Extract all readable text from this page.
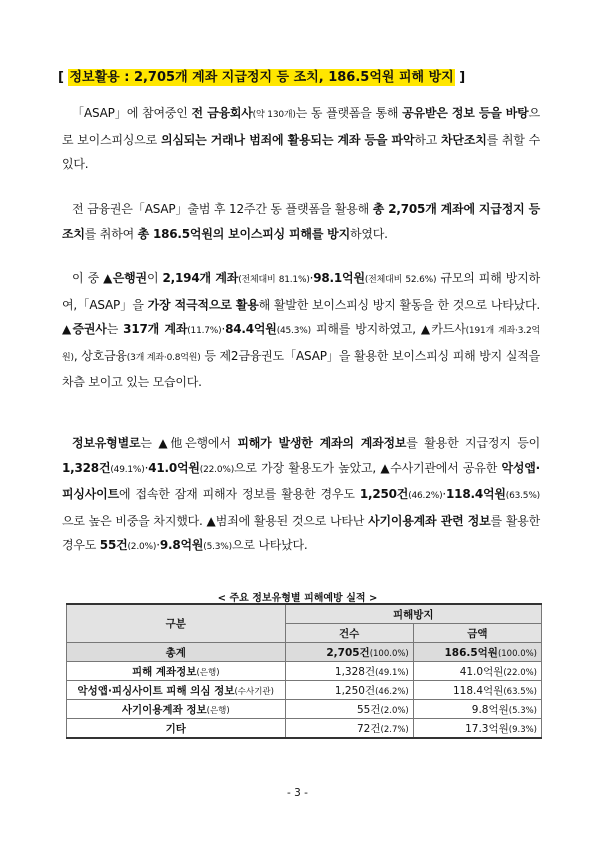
[ 정보활용 : 2,705개 계좌 지급정지 등 조치, 186.5억원 피해 방지 ]

「ASAP」에 참여중인 전 금융회사(약 130개)는 동 플랫폼을 통해 공유받은 정보 등을 바탕으로 보이스피싱으로 의심되는 거래나 범죄에 활용되는 계좌 등을 파악하고 차단조치를 취할 수 있다.

전 금융권은「ASAP」출범 후 12주간 동 플랫폼을 활용해 총 2,705개 계좌에 지급정지 등 조치를 취하여 총 186.5억원의 보이스피싱 피해를 방지하였다.

이 중 ▲은행권이 2,194개 계좌(전체대비 81.1%)·98.1억원(전체대비 52.6%) 규모의 피해 방지하여,「ASAP」을 가장 적극적으로 활용해 활발한 보이스피싱 방지 활동을 한 것으로 나타났다. ▲증권사는 317개 계좌(11.7%)·84.4억원(45.3%) 피해를 방지하였고, ▲카드사(191개 계좌·3.2억원), 상호금융(3개 계좌·0.8억원) 등 제2금융권도「ASAP」을 활용한 보이스피싱 피해 방지 실적을 차츰 보이고 있는 모습이다.

정보유형별로는 ▲他은행에서 피해가 발생한 계좌의 계좌정보를 활용한 지급정지 등이 1,328건(49.1%)·41.0억원(22.0%)으로 가장 활용도가 높았고, ▲수사기관에서 공유한 악성앱·피싱사이트에 접속한 잠재 피해자 정보를 활용한 경우도 1,250건(46.2%)·118.4억원(63.5%)으로 높은 비중을 차지했다. ▲범죄에 활용된 것으로 나타난 사기이용계좌 관련 정보를 활용한 경우도 55건(2.0%)·9.8억원(5.3%)으로 나타났다.

< 주요 정보유형별 피해예방 실적 >
구분	피해방지	
	건수	금액
총계	2,705건(100.0%)	186.5억원(100.0%)
피해 계좌정보(은행)	1,328건(49.1%)	41.0억원(22.0%)
악성앱·피싱사이트 피해 의심 정보(수사기관)	1,250건(46.2%)	118.4억원(63.5%)
사기이용계좌 정보(은행)	55건(2.0%)	9.8억원(5.3%)
기타	72건(2.7%)	17.3억원(9.3%)
- 3 -
